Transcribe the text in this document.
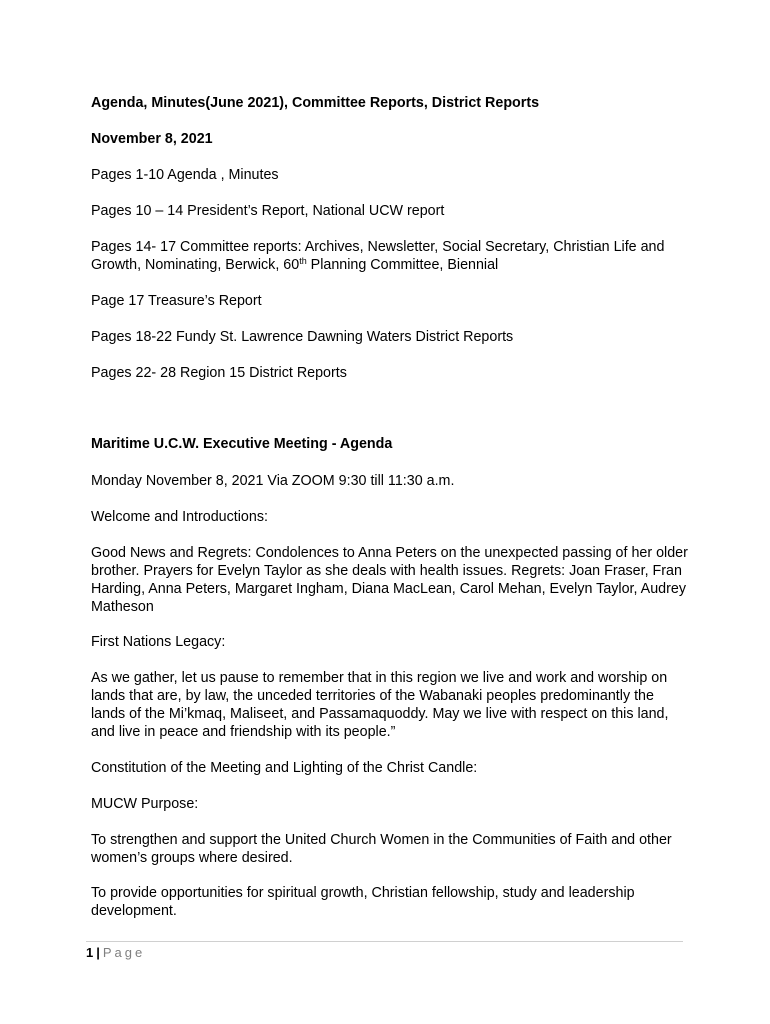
Agenda, Minutes(June 2021), Committee Reports, District Reports

November 8, 2021

Pages 1-10 Agenda , Minutes

Pages 10 – 14 President’s Report, National UCW report

Pages 14- 17 Committee reports: Archives, Newsletter, Social Secretary, Christian Life and Growth, Nominating, Berwick, 60th Planning Committee, Biennial

Page 17 Treasure’s Report

Pages 18-22 Fundy St. Lawrence Dawning Waters District Reports

Pages 22- 28 Region 15 District Reports

Maritime U.C.W. Executive Meeting - Agenda

Monday November 8, 2021 Via ZOOM 9:30 till 11:30 a.m.

Welcome and Introductions:

Good News and Regrets: Condolences to Anna Peters on the unexpected passing of her older brother. Prayers for Evelyn Taylor as she deals with health issues. Regrets: Joan Fraser, Fran Harding, Anna Peters, Margaret Ingham, Diana MacLean, Carol Mehan, Evelyn Taylor, Audrey Matheson

First Nations Legacy:

As we gather, let us pause to remember that in this region we live and work and worship on lands that are, by law, the unceded territories of the Wabanaki peoples predominantly the lands of the Mi’kmaq, Maliseet, and Passamaquoddy. May we live with respect on this land, and live in peace and friendship with its people.”

Constitution of the Meeting and Lighting of the Christ Candle:

MUCW Purpose:

To strengthen and support the United Church Women in the Communities of Faith and other women’s groups where desired.

To provide opportunities for spiritual growth, Christian fellowship, study and leadership development.

1 | Page
